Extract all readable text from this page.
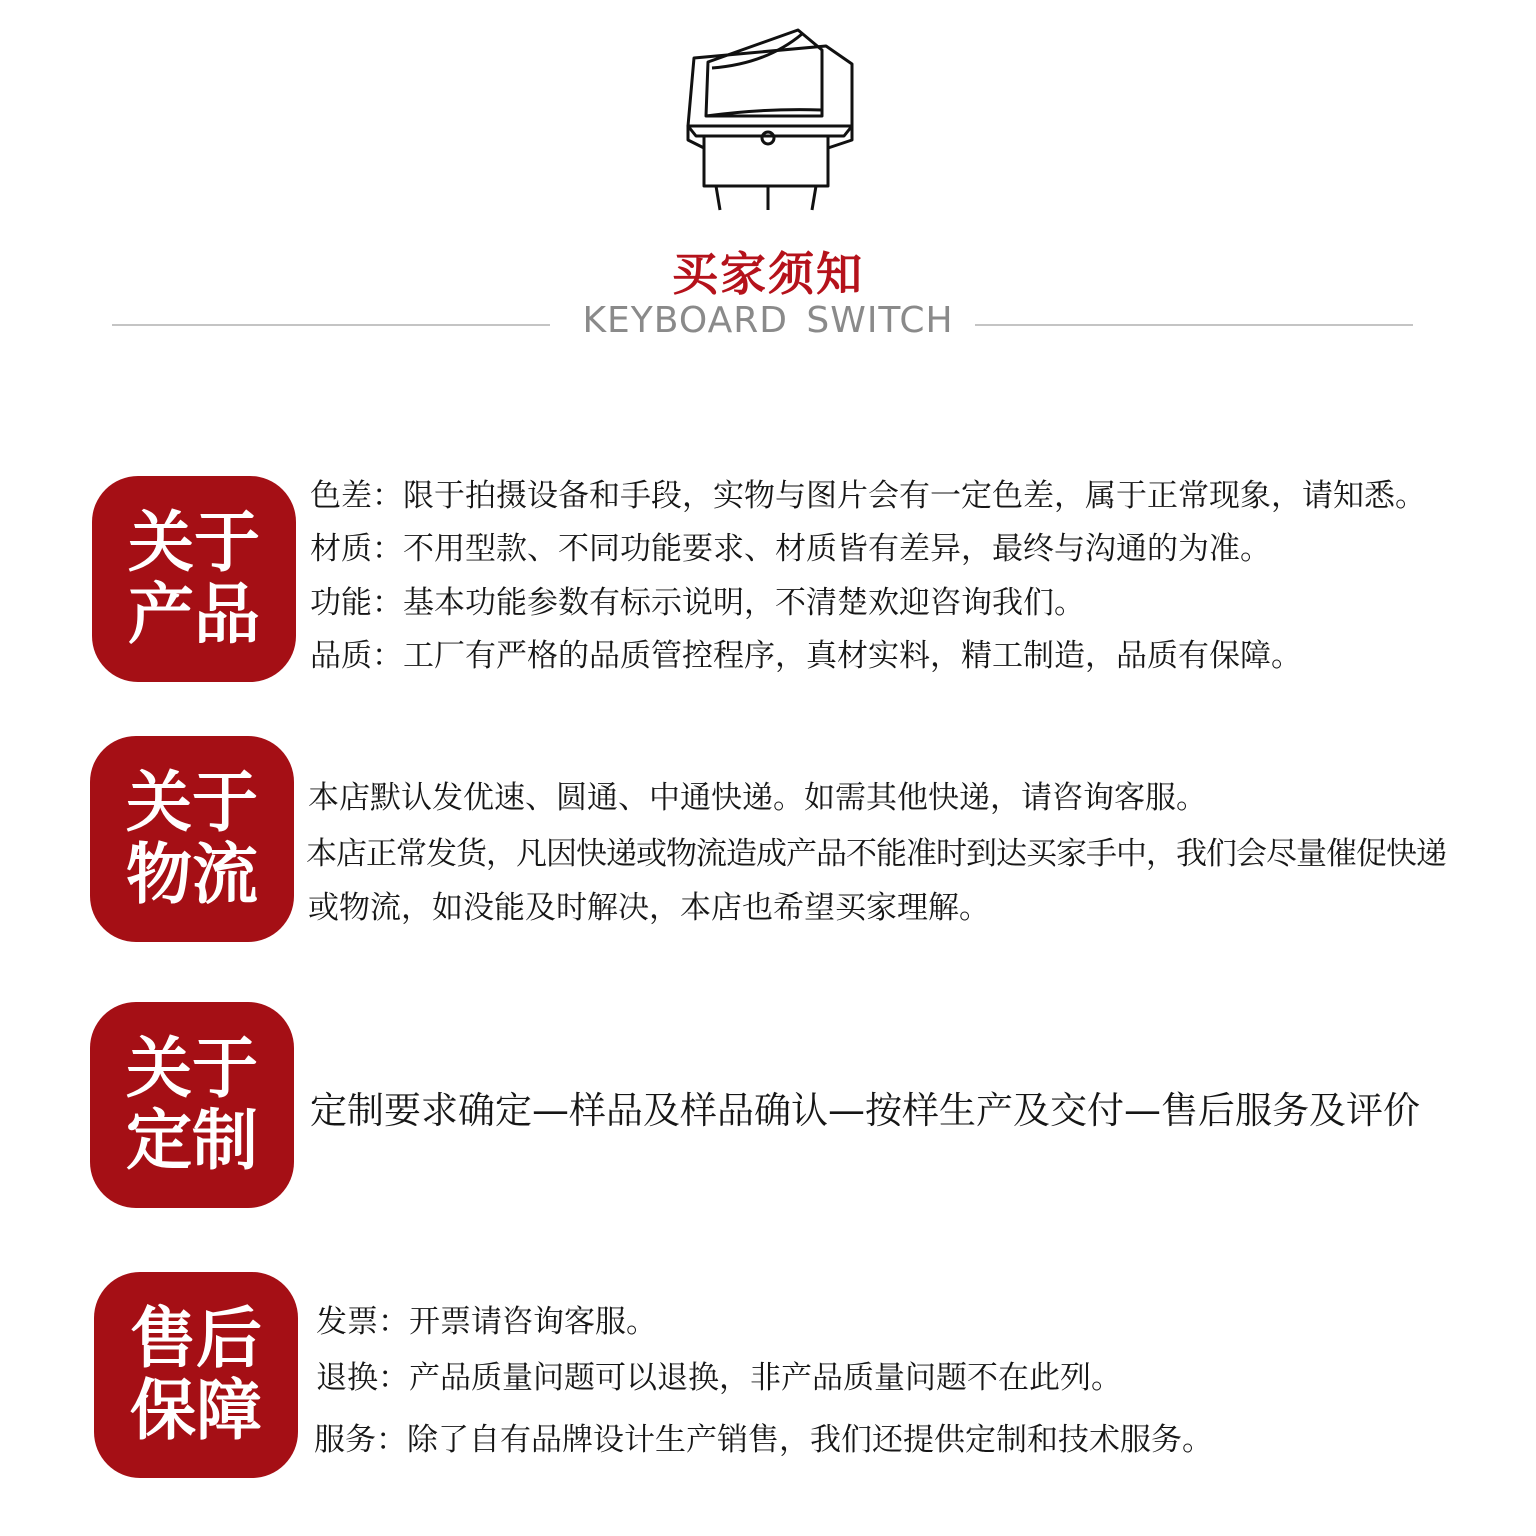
买家须知
KEYBOARD SWITCH
关于
产品
色差：限于拍摄设备和手段，实物与图片会有一定色差，属于正常现象，请知悉。
材质：不用型款、不同功能要求、材质皆有差异，最终与沟通的为准。
功能：基本功能参数有标示说明，不清楚欢迎咨询我们。
品质：工厂有严格的品质管控程序，真材实料，精工制造，品质有保障。
关于
物流
本店默认发优速、圆通、中通快递。如需其他快递，请咨询客服。
本店正常发货，凡因快递或物流造成产品不能准时到达买家手中，我们会尽量催促快递
或物流，如没能及时解决，本店也希望买家理解。
关于
定制 定制要求确定—样品及样品确认—按样生产及交付—售后服务及评价
售后
保障
发票：开票请咨询客服。
退换：产品质量问题可以退换，非产品质量问题不在此列。
服务：除了自有品牌设计生产销售，我们还提供定制和技术服务。
